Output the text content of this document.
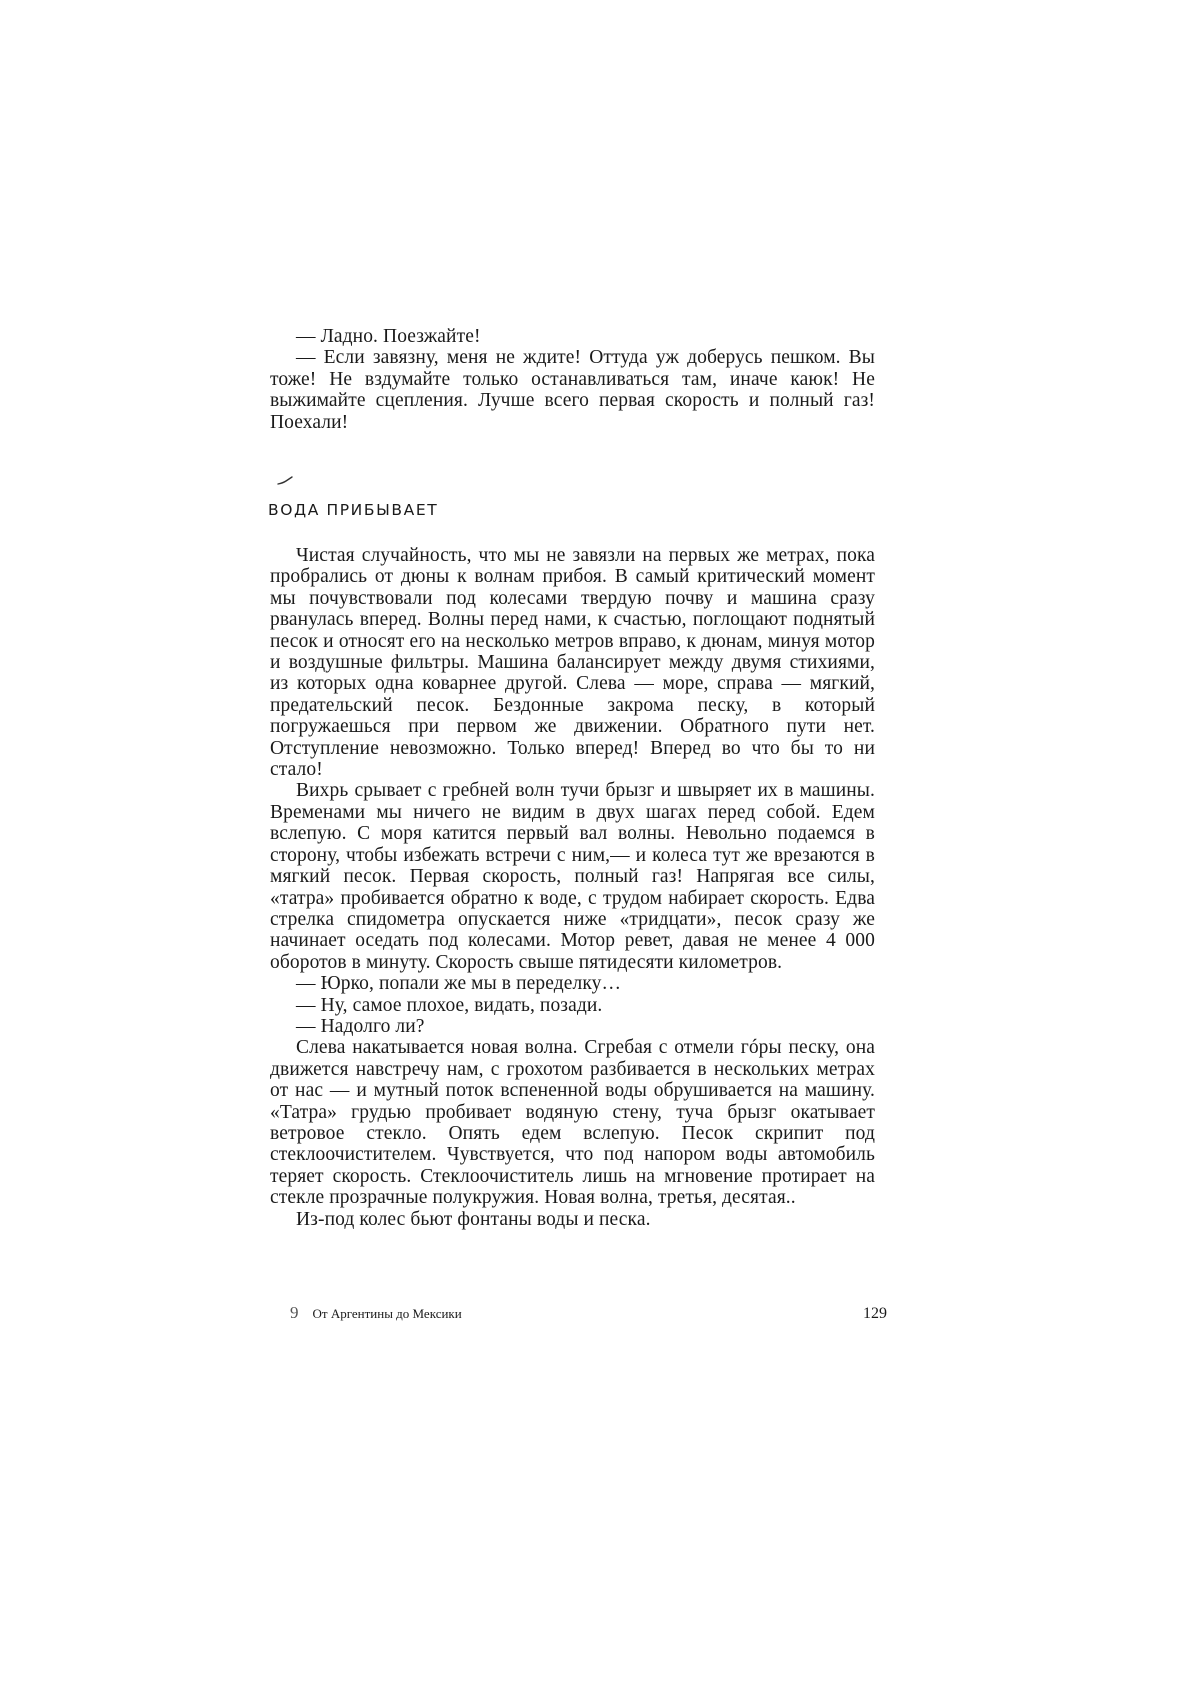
— Ладно. Поезжайте!

— Если завязну, меня не ждите! Оттуда уж доберусь пешком. Вы тоже! Не вздумайте только останавливаться там, иначе каюк! Не выжимайте сцепления. Лучше всего первая скорость и полный газ! Поехали!

ВОДА ПРИБЫВАЕТ

Чистая случайность, что мы не завязли на первых же метрах, пока пробрались от дюны к волнам прибоя. В самый критический момент мы почувствовали под колесами твердую почву и машина сразу рванулась вперед. Волны перед нами, к счастью, поглощают поднятый песок и относят его на несколько метров вправо, к дюнам, минуя мотор и воздушные фильтры. Машина балансирует между двумя стихиями, из которых одна коварнее другой. Слева — море, справа — мягкий, предательский песок. Бездонные закрома песку, в который погружаешься при первом же движении. Обратного пути нет. Отступление невозможно. Только вперед! Вперед во что бы то ни стало!

Вихрь срывает с гребней волн тучи брызг и швыряет их в машины. Временами мы ничего не видим в двух шагах перед собой. Едем вслепую. С моря катится первый вал волны. Невольно подаемся в сторону, чтобы избежать встречи с ним,— и колеса тут же врезаются в мягкий песок. Первая скорость, полный газ! Напрягая все силы, «татра» пробивается обратно к воде, с трудом набирает скорость. Едва стрелка спидометра опускается ниже «тридцати», песок сразу же начинает оседать под колесами. Мотор ревет, давая не менее 4 000 оборотов в минуту. Скорость свыше пятидесяти километров.

— Юрко, попали же мы в переделку…

— Ну, самое плохое, видать, позади.

— Надолго ли?

Слева накатывается новая волна. Сгребая с отмели гóры песку, она движется навстречу нам, с грохотом разбивается в нескольких метрах от нас — и мутный поток вспененной воды обрушивается на машину. «Татра» грудью пробивает водяную стену, туча брызг окатывает ветровое стекло. Опять едем вслепую. Песок скрипит под стеклоочистителем. Чувствуется, что под напором воды автомобиль теряет скорость. Стеклоочиститель лишь на мгновение протирает на стекле прозрачные полукружия. Новая волна, третья, десятая..

Из-под колес бьют фонтаны воды и песка.

9 От Аргентины до Мексики	129
